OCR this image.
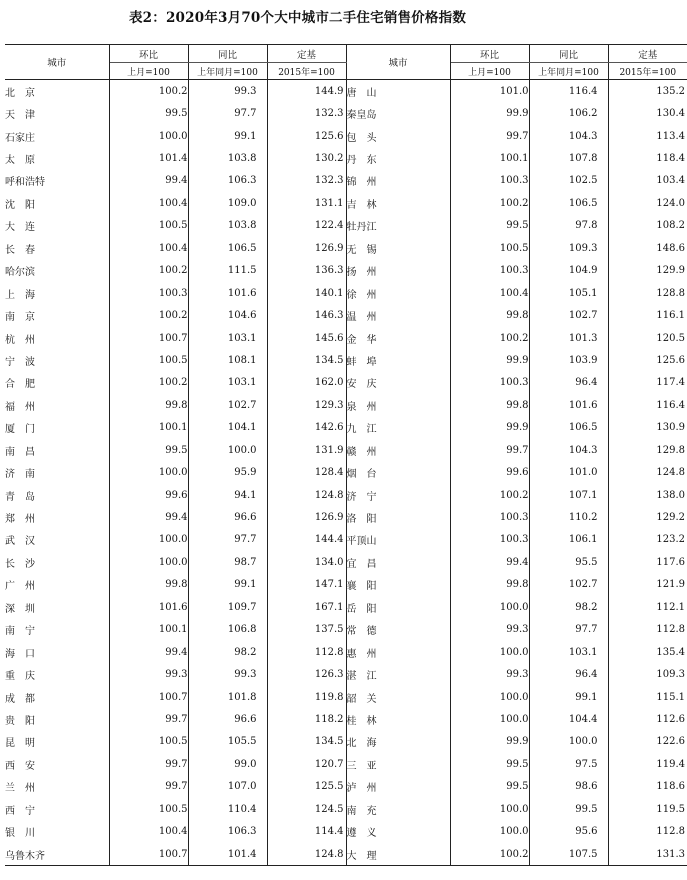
表2：2020年3月70个大中城市二手住宅销售价格指数
城市	环比	同比	定基	城市	环比	同比	定基
	上月=100	上年同月=100	2015年=100		上月=100	上年同月=100	2015年=100
北　京	100.2	99.3	144.9	唐　山	101.0	116.4	135.2
天　津	99.5	97.7	132.3	秦皇岛	99.9	106.2	130.4
石家庄	100.0	99.1	125.6	包　头	99.7	104.3	113.4
太　原	101.4	103.8	130.2	丹　东	100.1	107.8	118.4
呼和浩特	99.4	106.3	132.3	锦　州	100.3	102.5	103.4
沈　阳	100.4	109.0	131.1	吉　林	100.2	106.5	124.0
大　连	100.5	103.8	122.4	牡丹江	99.5	97.8	108.2
长　春	100.4	106.5	126.9	无　锡	100.5	109.3	148.6
哈尔滨	100.2	111.5	136.3	扬　州	100.3	104.9	129.9
上　海	100.3	101.6	140.1	徐　州	100.4	105.1	128.8
南　京	100.2	104.6	146.3	温　州	99.8	102.7	116.1
杭　州	100.7	103.1	145.6	金　华	100.2	101.3	120.5
宁　波	100.5	108.1	134.5	蚌　埠	99.9	103.9	125.6
合　肥	100.2	103.1	162.0	安　庆	100.3	96.4	117.4
福　州	99.8	102.7	129.3	泉　州	99.8	101.6	116.4
厦　门	100.1	104.1	142.6	九　江	99.9	106.5	130.9
南　昌	99.5	100.0	131.9	赣　州	99.7	104.3	129.8
济　南	100.0	95.9	128.4	烟　台	99.6	101.0	124.8
青　岛	99.6	94.1	124.8	济　宁	100.2	107.1	138.0
郑　州	99.4	96.6	126.9	洛　阳	100.3	110.2	129.2
武　汉	100.0	97.7	144.4	平顶山	100.3	106.1	123.2
长　沙	100.0	98.7	134.0	宜　昌	99.4	95.5	117.6
广　州	99.8	99.1	147.1	襄　阳	99.8	102.7	121.9
深　圳	101.6	109.7	167.1	岳　阳	100.0	98.2	112.1
南　宁	100.1	106.8	137.5	常　德	99.3	97.7	112.8
海　口	99.4	98.2	112.8	惠　州	100.0	103.1	135.4
重　庆	99.3	99.3	126.3	湛　江	99.3	96.4	109.3
成　都	100.7	101.8	119.8	韶　关	100.0	99.1	115.1
贵　阳	99.7	96.6	118.2	桂　林	100.0	104.4	112.6
昆　明	100.5	105.5	134.5	北　海	99.9	100.0	122.6
西　安	99.7	99.0	120.7	三　亚	99.5	97.5	119.4
兰　州	99.7	107.0	125.5	泸　州	99.5	98.6	118.6
西　宁	100.5	110.4	124.5	南　充	100.0	99.5	119.5
银　川	100.4	106.3	114.4	遵　义	100.0	95.6	112.8
乌鲁木齐	100.7	101.4	124.8	大　理	100.2	107.5	131.3
